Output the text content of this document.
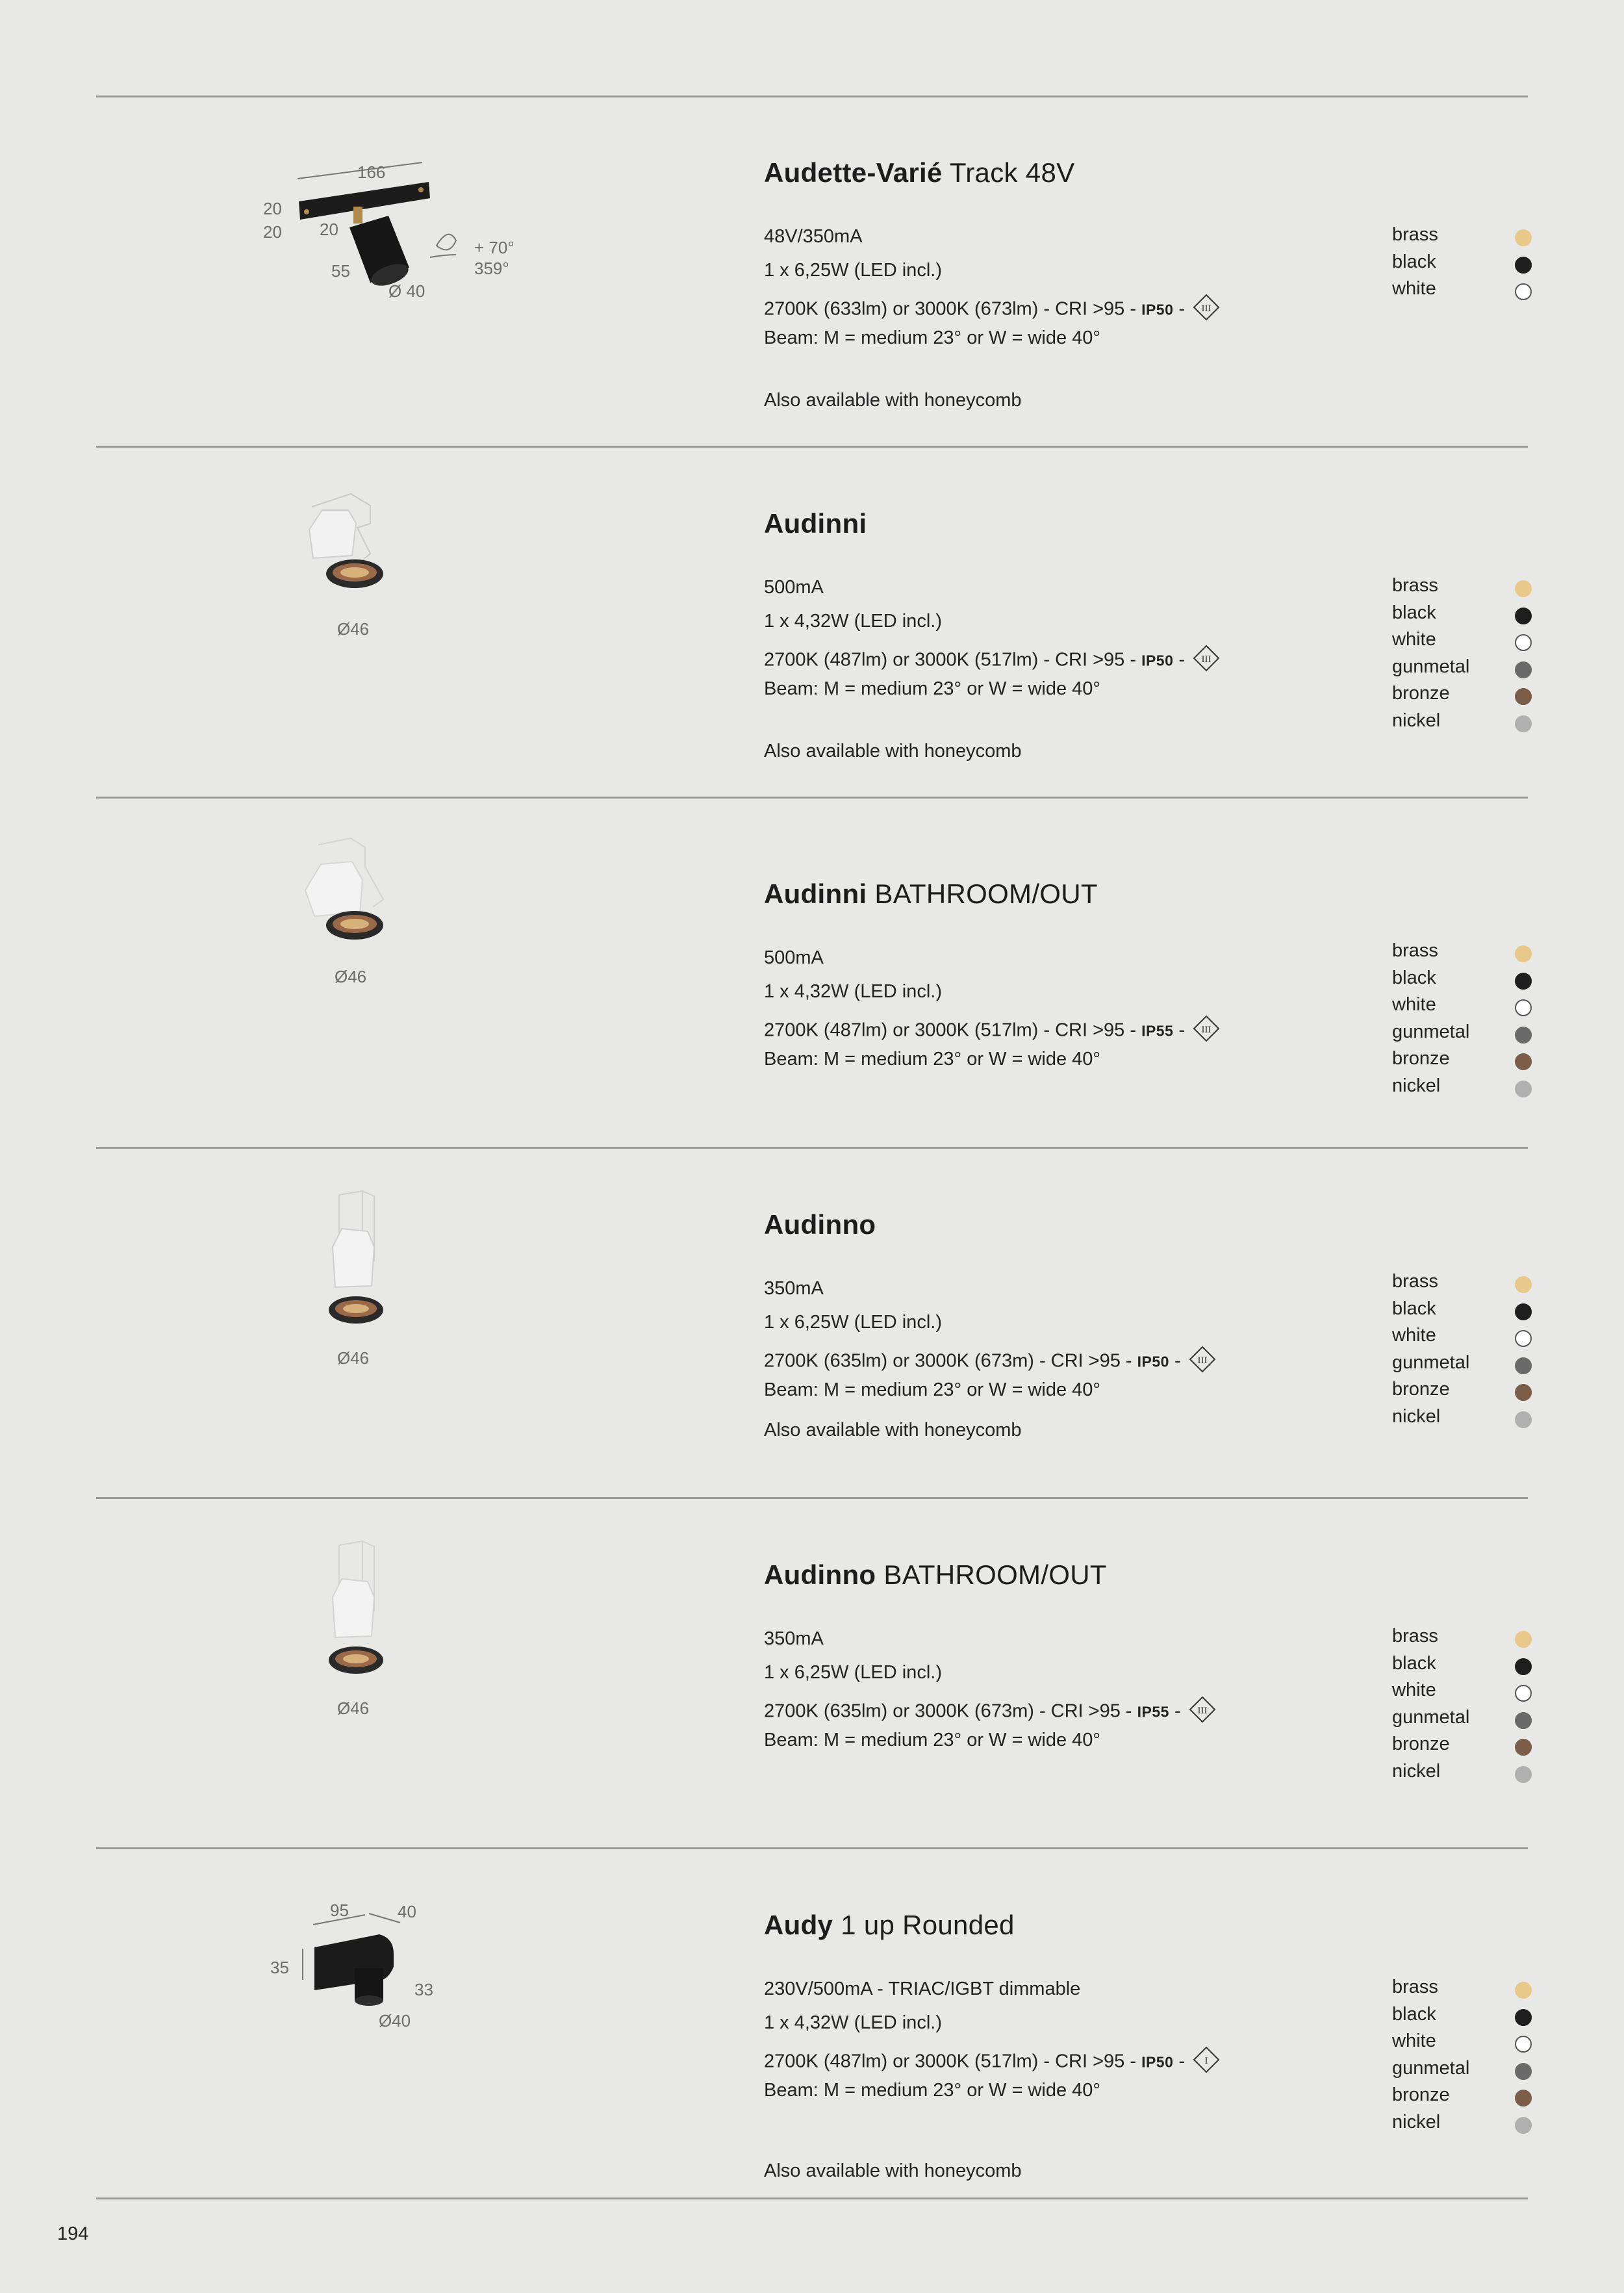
166
20
20 20
55
Ø 40
+ 70°
359°
Audette-Varié Track 48V
48V/350mA
1 x 6,25W (LED incl.)
2700K (633lm) or 3000K (673lm) - CRI >95 - IP50 - III
Beam: M = medium 23° or W = wide 40°
Also available with honeycomb
brass
black
white
Ø46
Audinni
500mA
1 x 4,32W (LED incl.)
2700K (487lm) or 3000K (517lm) - CRI >95 - IP50 - III
Beam: M = medium 23° or W = wide 40°
Also available with honeycomb
brass
black
white
gunmetal
bronze
nickel
Ø46
Audinni BATHROOM/OUT
500mA
1 x 4,32W (LED incl.)
2700K (487lm) or 3000K (517lm) - CRI >95 - IP55 - III
Beam: M = medium 23° or W = wide 40°
brass
black
white
gunmetal
bronze
nickel
Ø46
Audinno
350mA
1 x 6,25W (LED incl.)
2700K (635lm) or 3000K (673m) - CRI >95 - IP50 - III
Beam: M = medium 23° or W = wide 40°
Also available with honeycomb
brass
black
white
gunmetal
bronze
nickel
Ø46
Audinno BATHROOM/OUT
350mA
1 x 6,25W (LED incl.)
2700K (635lm) or 3000K (673m) - CRI >95 - IP55 - III
Beam: M = medium 23° or W = wide 40°
brass
black
white
gunmetal
bronze
nickel
95	40
35
33
Ø40
Audy 1 up Rounded
230V/500mA - TRIAC/IGBT dimmable
1 x 4,32W (LED incl.)
2700K (487lm) or 3000K (517lm) - CRI >95 - IP50 - I
Beam: M = medium 23° or W = wide 40°
Also available with honeycomb
brass
black
white
gunmetal
bronze
nickel
194
